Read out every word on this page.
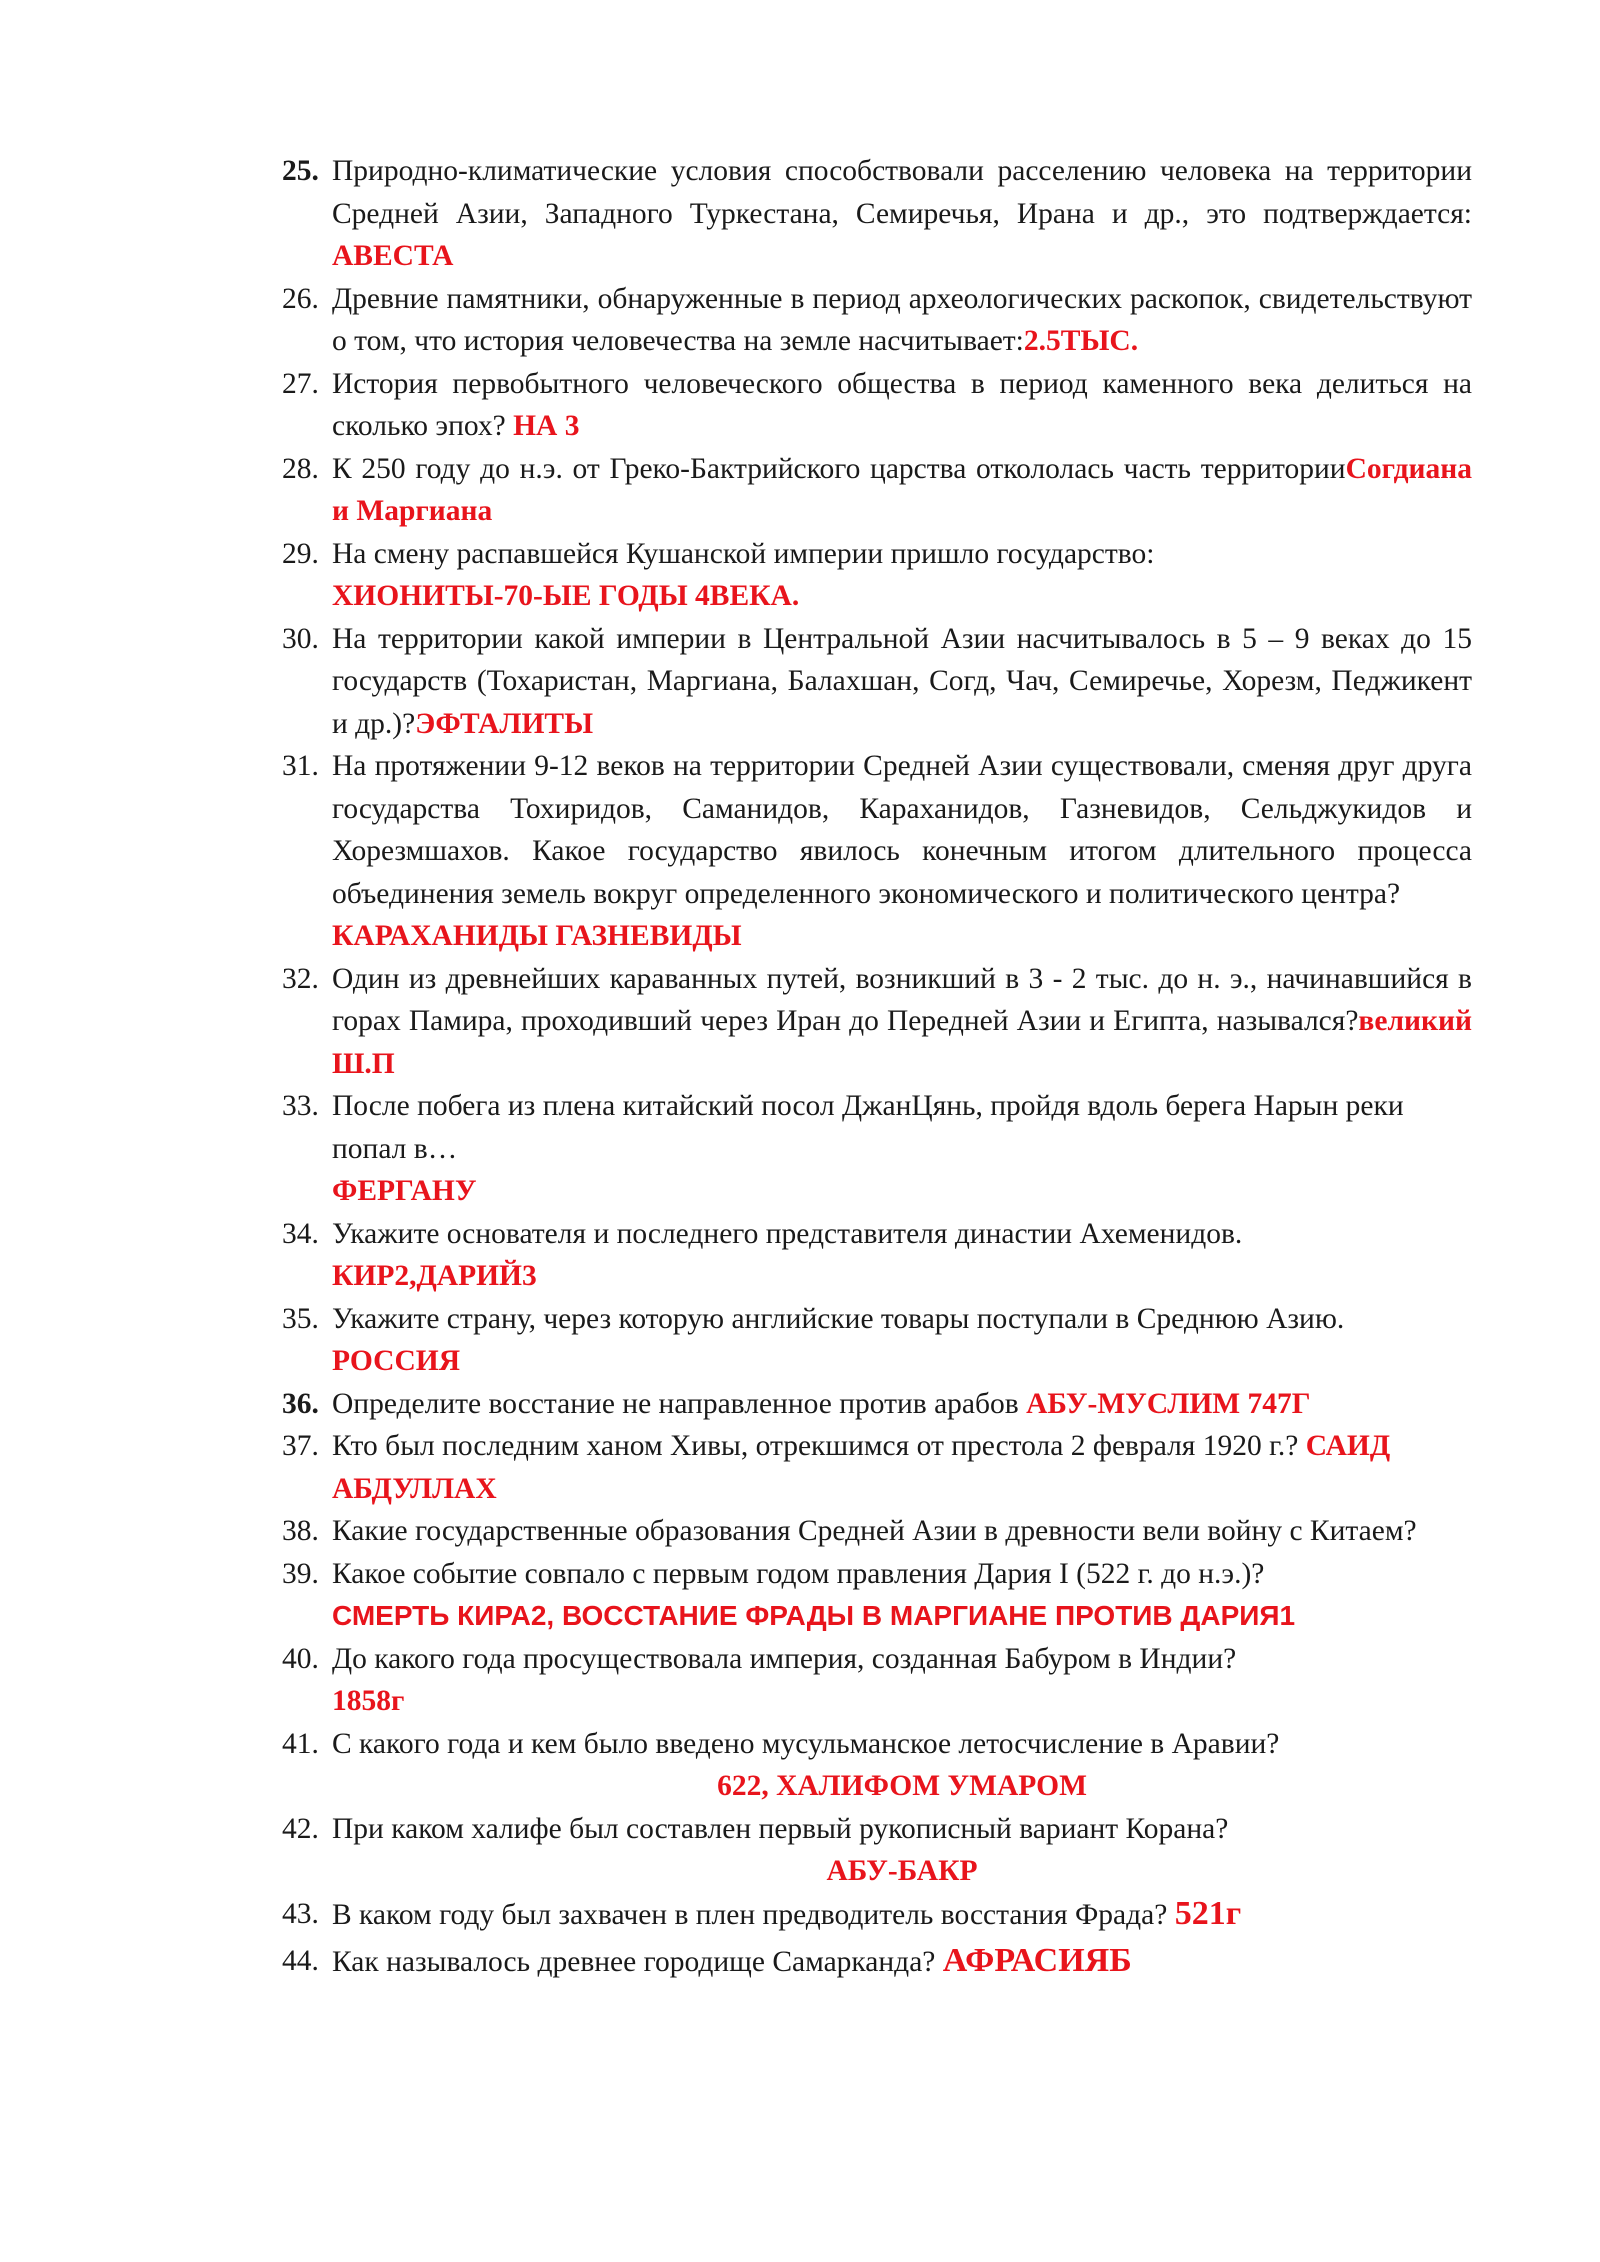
25. Природно-климатические условия способствовали расселению человека на территории Средней Азии, Западного Туркестана, Семиречья, Ирана и др., это подтверждается: АВЕСТА
26. Древние памятники, обнаруженные в период археологических раскопок, свидетельствуют о том, что история человечества на земле насчитывает:2.5ТЫС.
27. История первобытного человеческого общества в период каменного века делиться на сколько эпох? НА 3
28. К 250 году до н.э. от Греко-Бактрийского царства откололась часть территорииСогдиана и Маргиана
29. На смену распавшейся Кушанской империи пришло государство:
ХИОНИТЫ-70-ЫЕ ГОДЫ 4ВЕКА.
30. На территории какой империи в Центральной Азии насчитывалось в 5 – 9 веках до 15 государств (Тохаристан, Маргиана, Балахшан, Согд, Чач, Семиречье, Хорезм, Педжикент и др.)?ЭФТАЛИТЫ
31. На протяжении 9-12 веков на территории Средней Азии существовали, сменяя друг друга государства Тохиридов, Саманидов, Караханидов, Газневидов, Сельджукидов и Хорезмшахов. Какое государство явилось конечным итогом длительного процесса объединения земель вокруг определенного экономического и политического центра?
КАРАХАНИДЫ ГАЗНЕВИДЫ
32. Один из древнейших караванных путей, возникший в 3 - 2 тыс. до н. э., начинавшийся в горах Памира, проходивший через Иран до Передней Азии и Египта, назывался?великий Ш.П
33. После побега из плена китайский посол ДжанЦянь, пройдя вдоль берега Нарын реки попал в…
ФЕРГАНУ
34. Укажите основателя и последнего представителя династии Ахеменидов.
КИР2,ДАРИЙ3
35. Укажите страну, через которую английские товары поступали в Среднюю Азию.
РОССИЯ
36. Определите восстание не направленное против арабов АБУ-МУСЛИМ 747Г
37. Кто был последним ханом Хивы, отрекшимся от престола 2 февраля 1920 г.? САИД АБДУЛЛАХ
38. Какие государственные образования Средней Азии в древности вели войну с Китаем?
39. Какое событие совпало с первым годом правления Дария I (522 г. до н.э.)?
СМЕРТЬ КИРА2, ВОССТАНИЕ ФРАДЫ В МАРГИАНЕ ПРОТИВ ДАРИЯ1
40. До какого года просуществовала империя, созданная Бабуром в Индии?
1858г
41. С какого года и кем было введено мусульманское летосчисление в Аравии?
622, ХАЛИФОМ УМАРОМ
42. При каком халифе был составлен первый рукописный вариант Корана?
АБУ-БАКР
43. В каком году был захвачен в плен предводитель восстания Фрада? 521г
44. Как называлось древнее городище Самарканда? АФРАСИЯБ
